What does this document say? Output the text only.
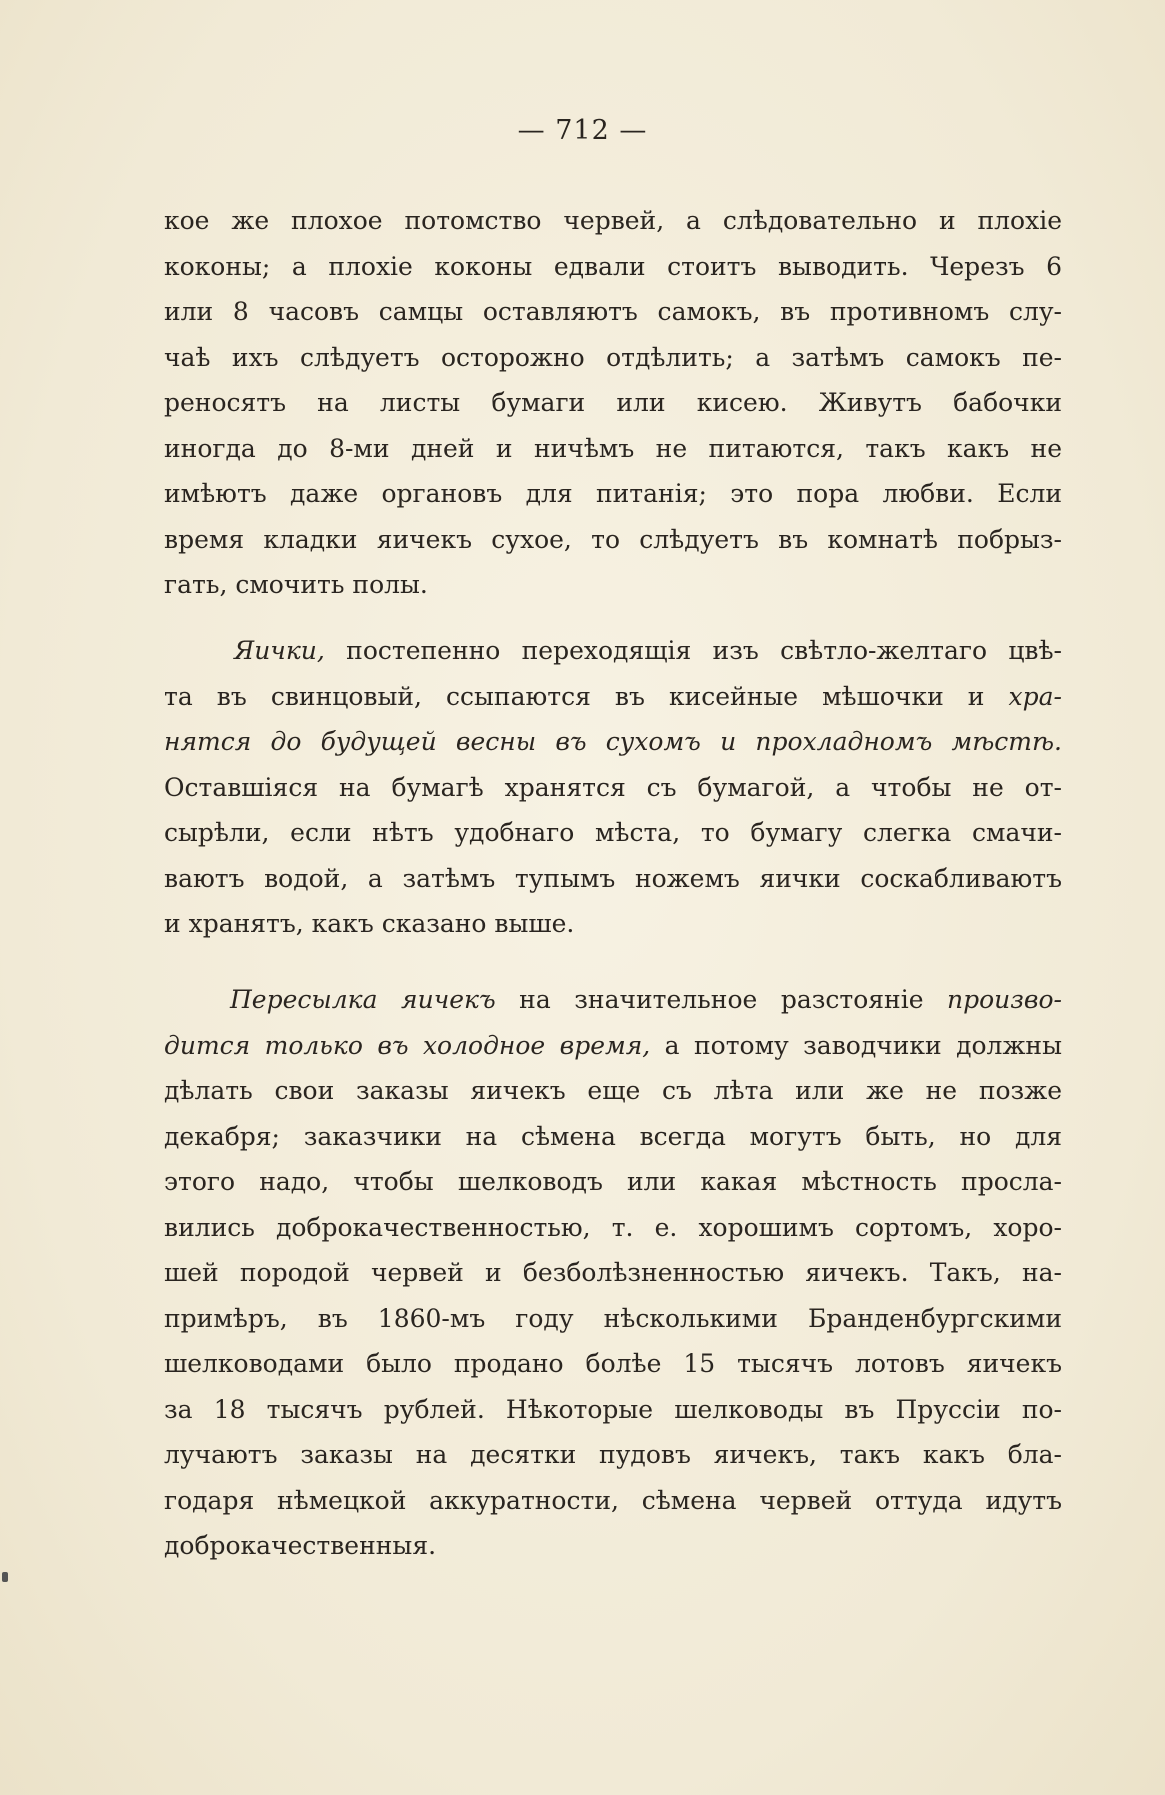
— 712 —
кое же плохое потомство червей, а слѣдовательно и плохіе
коконы; а плохіе коконы едвали стоитъ выводить. Черезъ 6
или 8 часовъ самцы оставляютъ самокъ, въ противномъ слу-
чаѣ ихъ слѣдуетъ осторожно отдѣлить; а затѣмъ самокъ пе-
реносятъ на листы бумаги или кисею. Живутъ бабочки
иногда до 8-ми дней и ничѣмъ не питаются, такъ какъ не
имѣютъ даже органовъ для питанія; это пора любви. Если
время кладки яичекъ сухое, то слѣдуетъ въ комнатѣ побрыз-
гать, смочить полы.
Яички, постепенно переходящія изъ свѣтло-желтаго цвѣ-
та въ свинцовый, ссыпаются въ кисейные мѣшочки и хра-
нятся до будущей весны въ сухомъ и прохладномъ мѣстѣ.
Оставшіяся на бумагѣ хранятся съ бумагой, а чтобы не от-
сырѣли, если нѣтъ удобнаго мѣста, то бумагу слегка смачи-
ваютъ водой, а затѣмъ тупымъ ножемъ яички соскабливаютъ
и хранятъ, какъ сказано выше.
Пересылка яичекъ на значительное разстояніе произво-
дится только въ холодное время, а потому заводчики должны
дѣлать свои заказы яичекъ еще съ лѣта или же не позже
декабря; заказчики на сѣмена всегда могутъ быть, но для
этого надо, чтобы шелководъ или какая мѣстность просла-
вились доброкачественностью, т. е. хорошимъ сортомъ, хоро-
шей породой червей и безболѣзненностью яичекъ. Такъ, на-
примѣръ, въ 1860-мъ году нѣсколькими Бранденбургскими
шелководами было продано болѣе 15 тысячъ лотовъ яичекъ
за 18 тысячъ рублей. Нѣкоторые шелководы въ Пруссіи по-
лучаютъ заказы на десятки пудовъ яичекъ, такъ какъ бла-
годаря нѣмецкой аккуратности, сѣмена червей оттуда идутъ
доброкачественныя.
